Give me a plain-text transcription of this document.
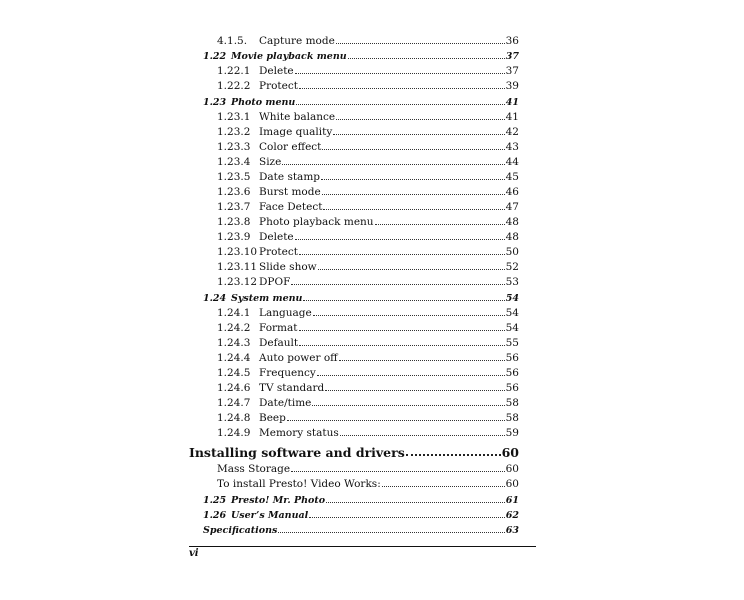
4.1.5.	Capture mode	36
1.22 Movie playback menu	37
1.22.1 Delete	37
1.22.2 Protect	39
1.23 Photo menu	41
1.23.1 White balance	41
1.23.2 Image quality	42
1.23.3 Color effect	43
1.23.4 Size	44
1.23.5 Date stamp	45
1.23.6 Burst mode	46
1.23.7 Face Detect	47
1.23.8 Photo playback menu	48
1.23.9 Delete	48
1.23.10 Protect	50
1.23.11 Slide show	52
1.23.12 DPOF	53
1.24 System menu	54
1.24.1 Language	54
1.24.2 Format	54
1.24.3 Default	55
1.24.4 Auto power off	56
1.24.5 Frequency	56
1.24.6 TV standard	56
1.24.7 Date/time	58
1.24.8 Beep	58
1.24.9 Memory status	59
Installing software and drivers	60
Mass Storage	60
To install Presto! Video Works:	60
1.25 Presto! Mr. Photo	61
1.26 User’s Manual	62
Specifications	63
vi
